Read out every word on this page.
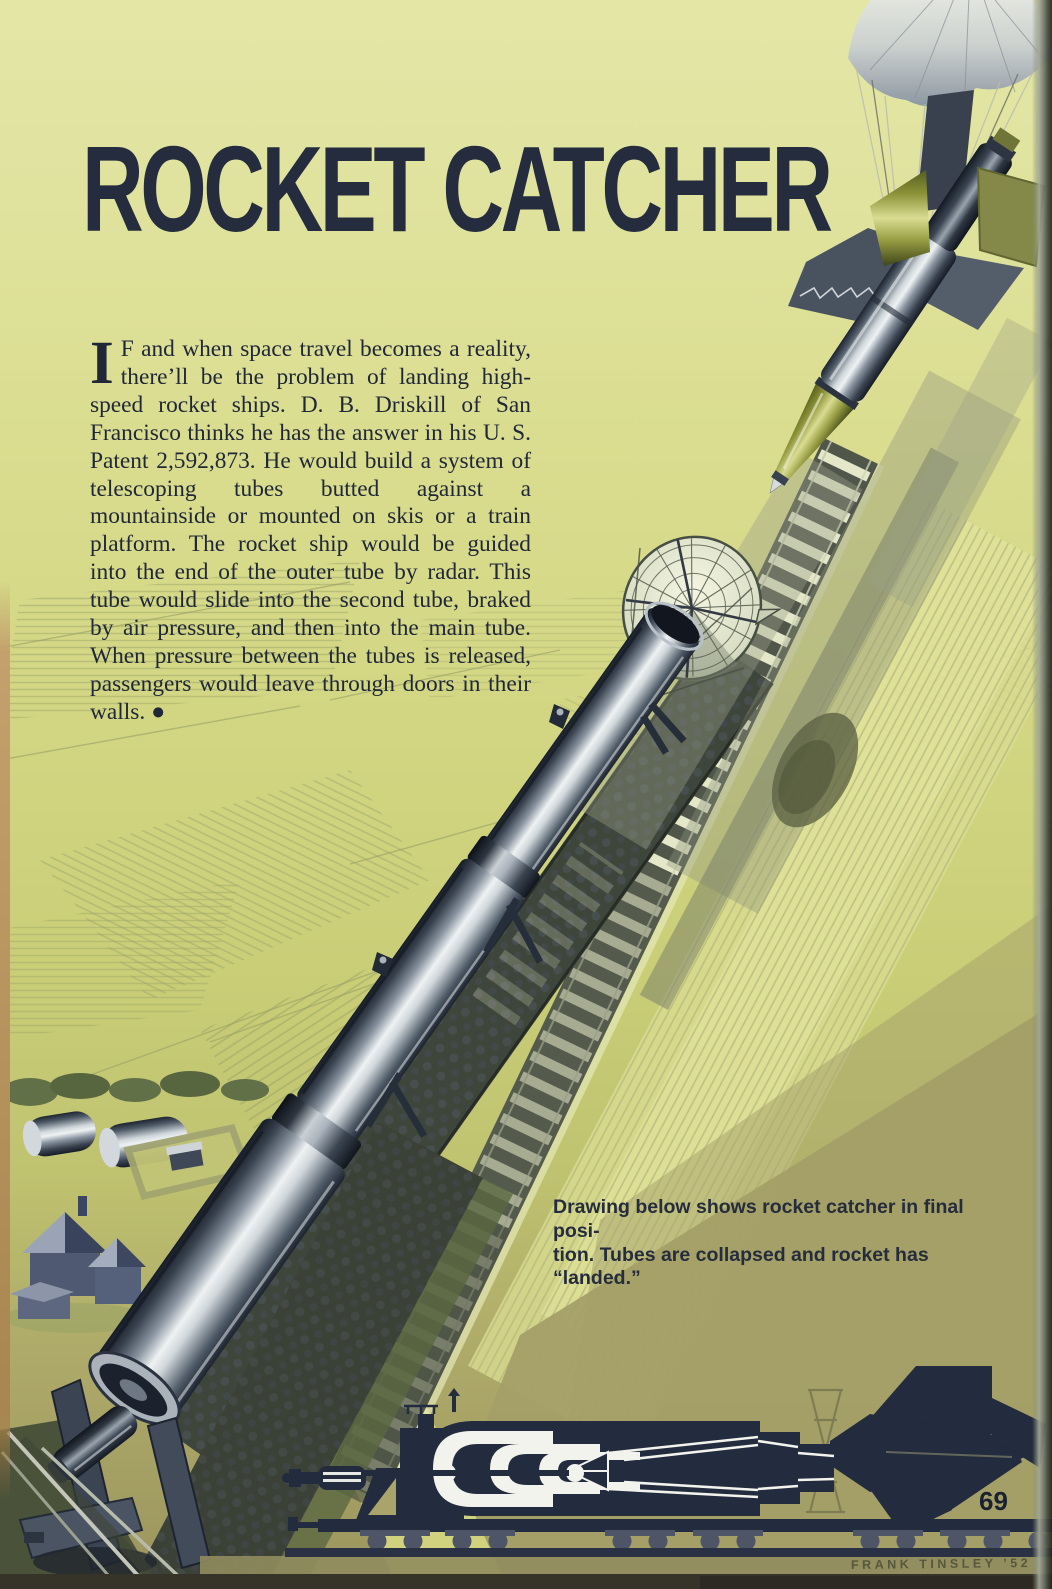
ROCKET CATCHER
I F and when space travel becomes a reality, there’ll be the problem of landing high-speed rocket ships. D. B. Driskill of San Francisco thinks he has the answer in his U. S. Patent 2,592,873. He would build a system of telescoping tubes butted against a mountainside or mounted on skis or a train platform. The rocket ship would be guided into the end of the outer tube by radar. This tube would slide into the second tube, braked by air pressure, and then into the main tube. When pressure between the tubes is released, passengers would leave through doors in their walls. ●
Drawing below shows rocket catcher in final posi-
tion. Tubes are collapsed and rocket has “landed.”
69
FRANK TINSLEY ’52
